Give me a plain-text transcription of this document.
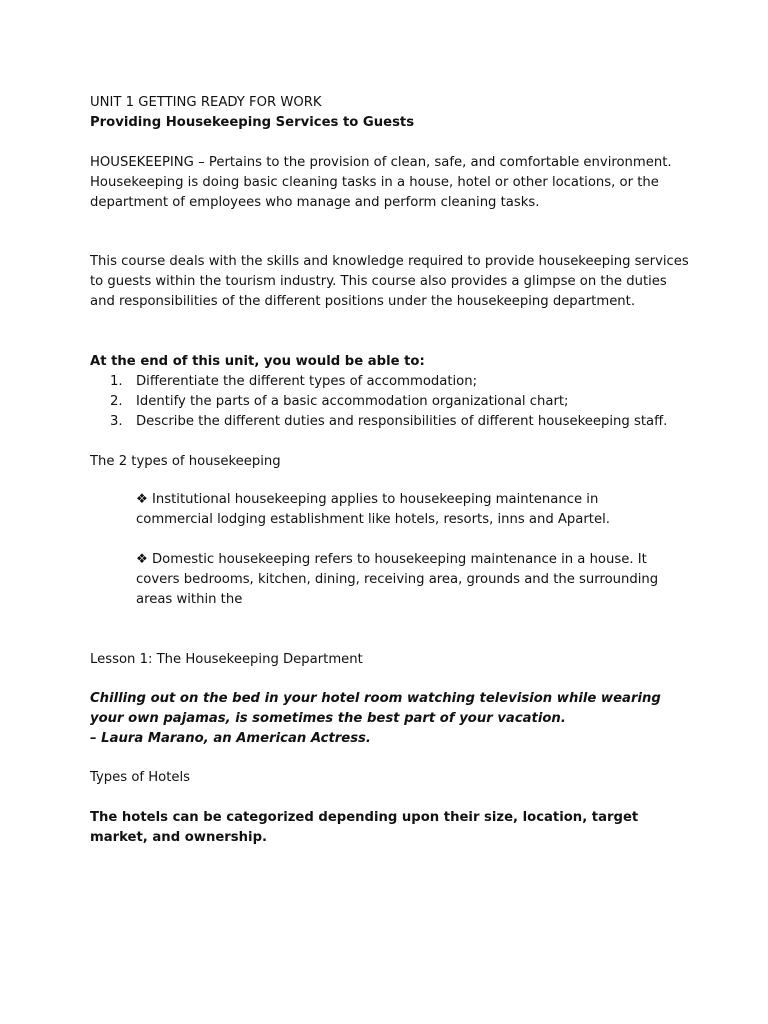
UNIT 1 GETTING READY FOR WORK

Providing Housekeeping Services to Guests

HOUSEKEEPING – Pertains to the provision of clean, safe, and comfortable environment. Housekeeping is doing basic cleaning tasks in a house, hotel or other locations, or the department of employees who manage and perform cleaning tasks.

This course deals with the skills and knowledge required to provide housekeeping services to guests within the tourism industry. This course also provides a glimpse on the duties and responsibilities of the different positions under the housekeeping department.

At the end of this unit, you would be able to:

1.	Differentiate the different types of accommodation;
2.	Identify the parts of a basic accommodation organizational chart;
3.	Describe the different duties and responsibilities of different housekeeping staff.

The 2 types of housekeeping

❖ Institutional housekeeping applies to housekeeping maintenance in commercial lodging establishment like hotels, resorts, inns and Apartel.

❖ Domestic housekeeping refers to housekeeping maintenance in a house. It covers bedrooms, kitchen, dining, receiving area, grounds and the surrounding areas within the

Lesson 1: The Housekeeping Department

Chilling out on the bed in your hotel room watching television while wearing your own pajamas, is sometimes the best part of your vacation.

– Laura Marano, an American Actress.

Types of Hotels

The hotels can be categorized depending upon their size, location, target market, and ownership.
